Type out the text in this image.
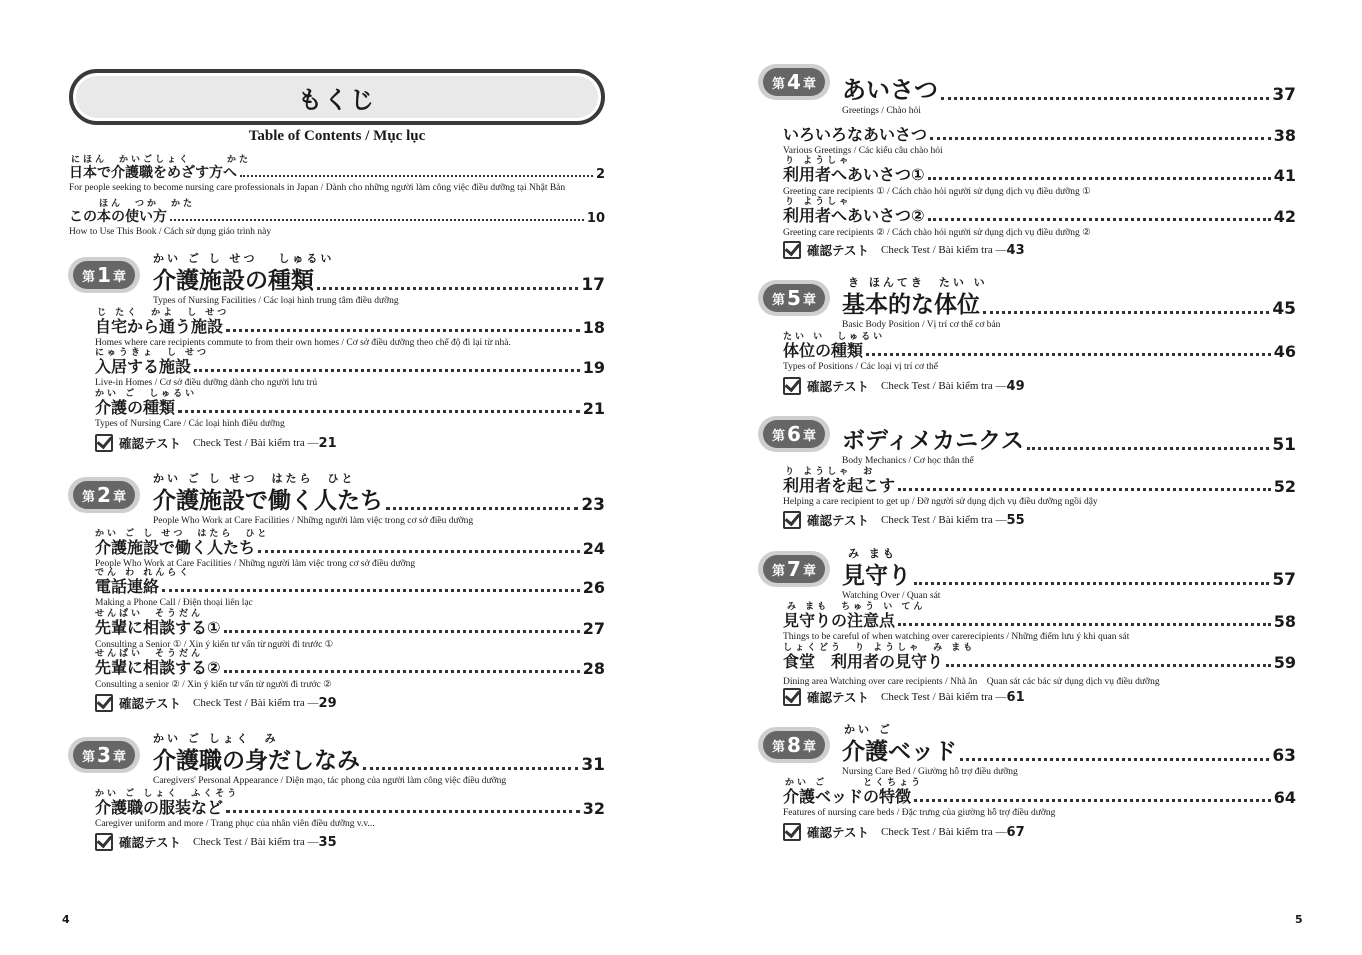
もくじ
Table of Contents / Mục lục
にほん　かいごしょく　　　かた
日本で介護職をめざす方へ	2
For people seeking to become nursing care professionals in Japan / Dành cho những người làm công việc điều dưỡng tại Nhật Bản
ほん　つか　かた
この本の使い方	10
How to Use This Book / Cách sử dụng giáo trình này
第 1 章
かい ご し せつ　 しゅるい
介護施設の種類	17
Types of Nursing Facilities / Các loại hình trung tâm điều dưỡng
じ たく　かよ　し せつ
自宅から通う施設	18
Homes where care recipients commute to from their own homes / Cơ sở điều dưỡng theo chế độ đi lại từ nhà.
にゅうきょ　し せつ
入居する施設	19
Live-in Homes / Cơ sở điều dưỡng dành cho người lưu trú
かい ご　しゅるい
介護の種類	21
Types of Nursing Care / Các loại hình điều dưỡng
確認テスト Check Test / Bài kiểm tra — 21
第 2 章
かい ご し せつ　はたら　ひと
介護施設で働く人たち	23
People Who Work at Care Facilities / Những người làm việc trong cơ sở điều dưỡng
かい ご し せつ　はたら　ひと
介護施設で働く人たち	24
People Who Work at Care Facilities / Những người làm việc trong cơ sở điều dưỡng
でん わ れんらく
電話連絡	26
Making a Phone Call / Điện thoại liên lạc
せんぱい　そうだん
先輩に相談する①	27
Consulting a Senior ① / Xin ý kiến tư vấn từ người đi trước ①
せんぱい　そうだん
先輩に相談する②	28
Consulting a senior ② / Xin ý kiến tư vấn từ người đi trước ②
確認テスト Check Test / Bài kiểm tra — 29
第 3 章
かい ご しょく　み
介護職の身だしなみ	31
Caregivers' Personal Appearance / Diện mạo, tác phong của người làm công việc điều dưỡng
かい ご しょく　ふくそう
介護職の服装など	32
Caregiver uniform and more / Trang phục của nhân viên điều dưỡng v.v...
確認テスト Check Test / Bài kiểm tra — 35
4
第 4 章 あいさつ	37
Greetings / Chào hỏi
いろいろなあいさつ	38
Various Greetings / Các kiểu câu chào hỏi
り ようしゃ
利用者へあいさつ①	41
Greeting care recipients ① / Cách chào hỏi người sử dụng dịch vụ điều dưỡng ①
り ようしゃ
利用者へあいさつ②	42
Greeting care recipients ② / Cách chào hỏi người sử dụng dịch vụ điều dưỡng ②
確認テスト Check Test / Bài kiểm tra — 43
第 5 章
き ほんてき　たい い
基本的な体位	45
Basic Body Position / Vị trí cơ thể cơ bản
たい い　しゅるい
体位の種類	46
Types of Positions / Các loại vị trí cơ thể
確認テスト Check Test / Bài kiểm tra — 49
第 6 章 ボディメカニクス	51
Body Mechanics / Cơ học thân thể
り ようしゃ　お
利用者を起こす	52
Helping a care recipient to get up / Đỡ người sử dụng dịch vụ điều dưỡng ngồi dậy
確認テスト Check Test / Bài kiểm tra — 55
第 7 章
み まも
見守り	57
Watching Over / Quan sát
み まも　ちゅう い てん
見守りの注意点	58
Things to be careful of when watching over carerecipients / Những điểm lưu ý khi quan sát
しょくどう　り ようしゃ　み まも
食堂　利用者の見守り	59
Dining area Watching over care recipients / Nhà ăn　Quan sát các bác sử dụng dịch vụ điều dưỡng
確認テスト Check Test / Bài kiểm tra — 61
第 8 章
かい ご
介護ベッド	63
Nursing Care Bed / Giường hỗ trợ điều dưỡng
かい ご　　　とくちょう
介護ベッドの特徴	64
Features of nursing care beds / Đặc trưng của giường hỗ trợ điều dưỡng
確認テスト Check Test / Bài kiểm tra — 67
5
